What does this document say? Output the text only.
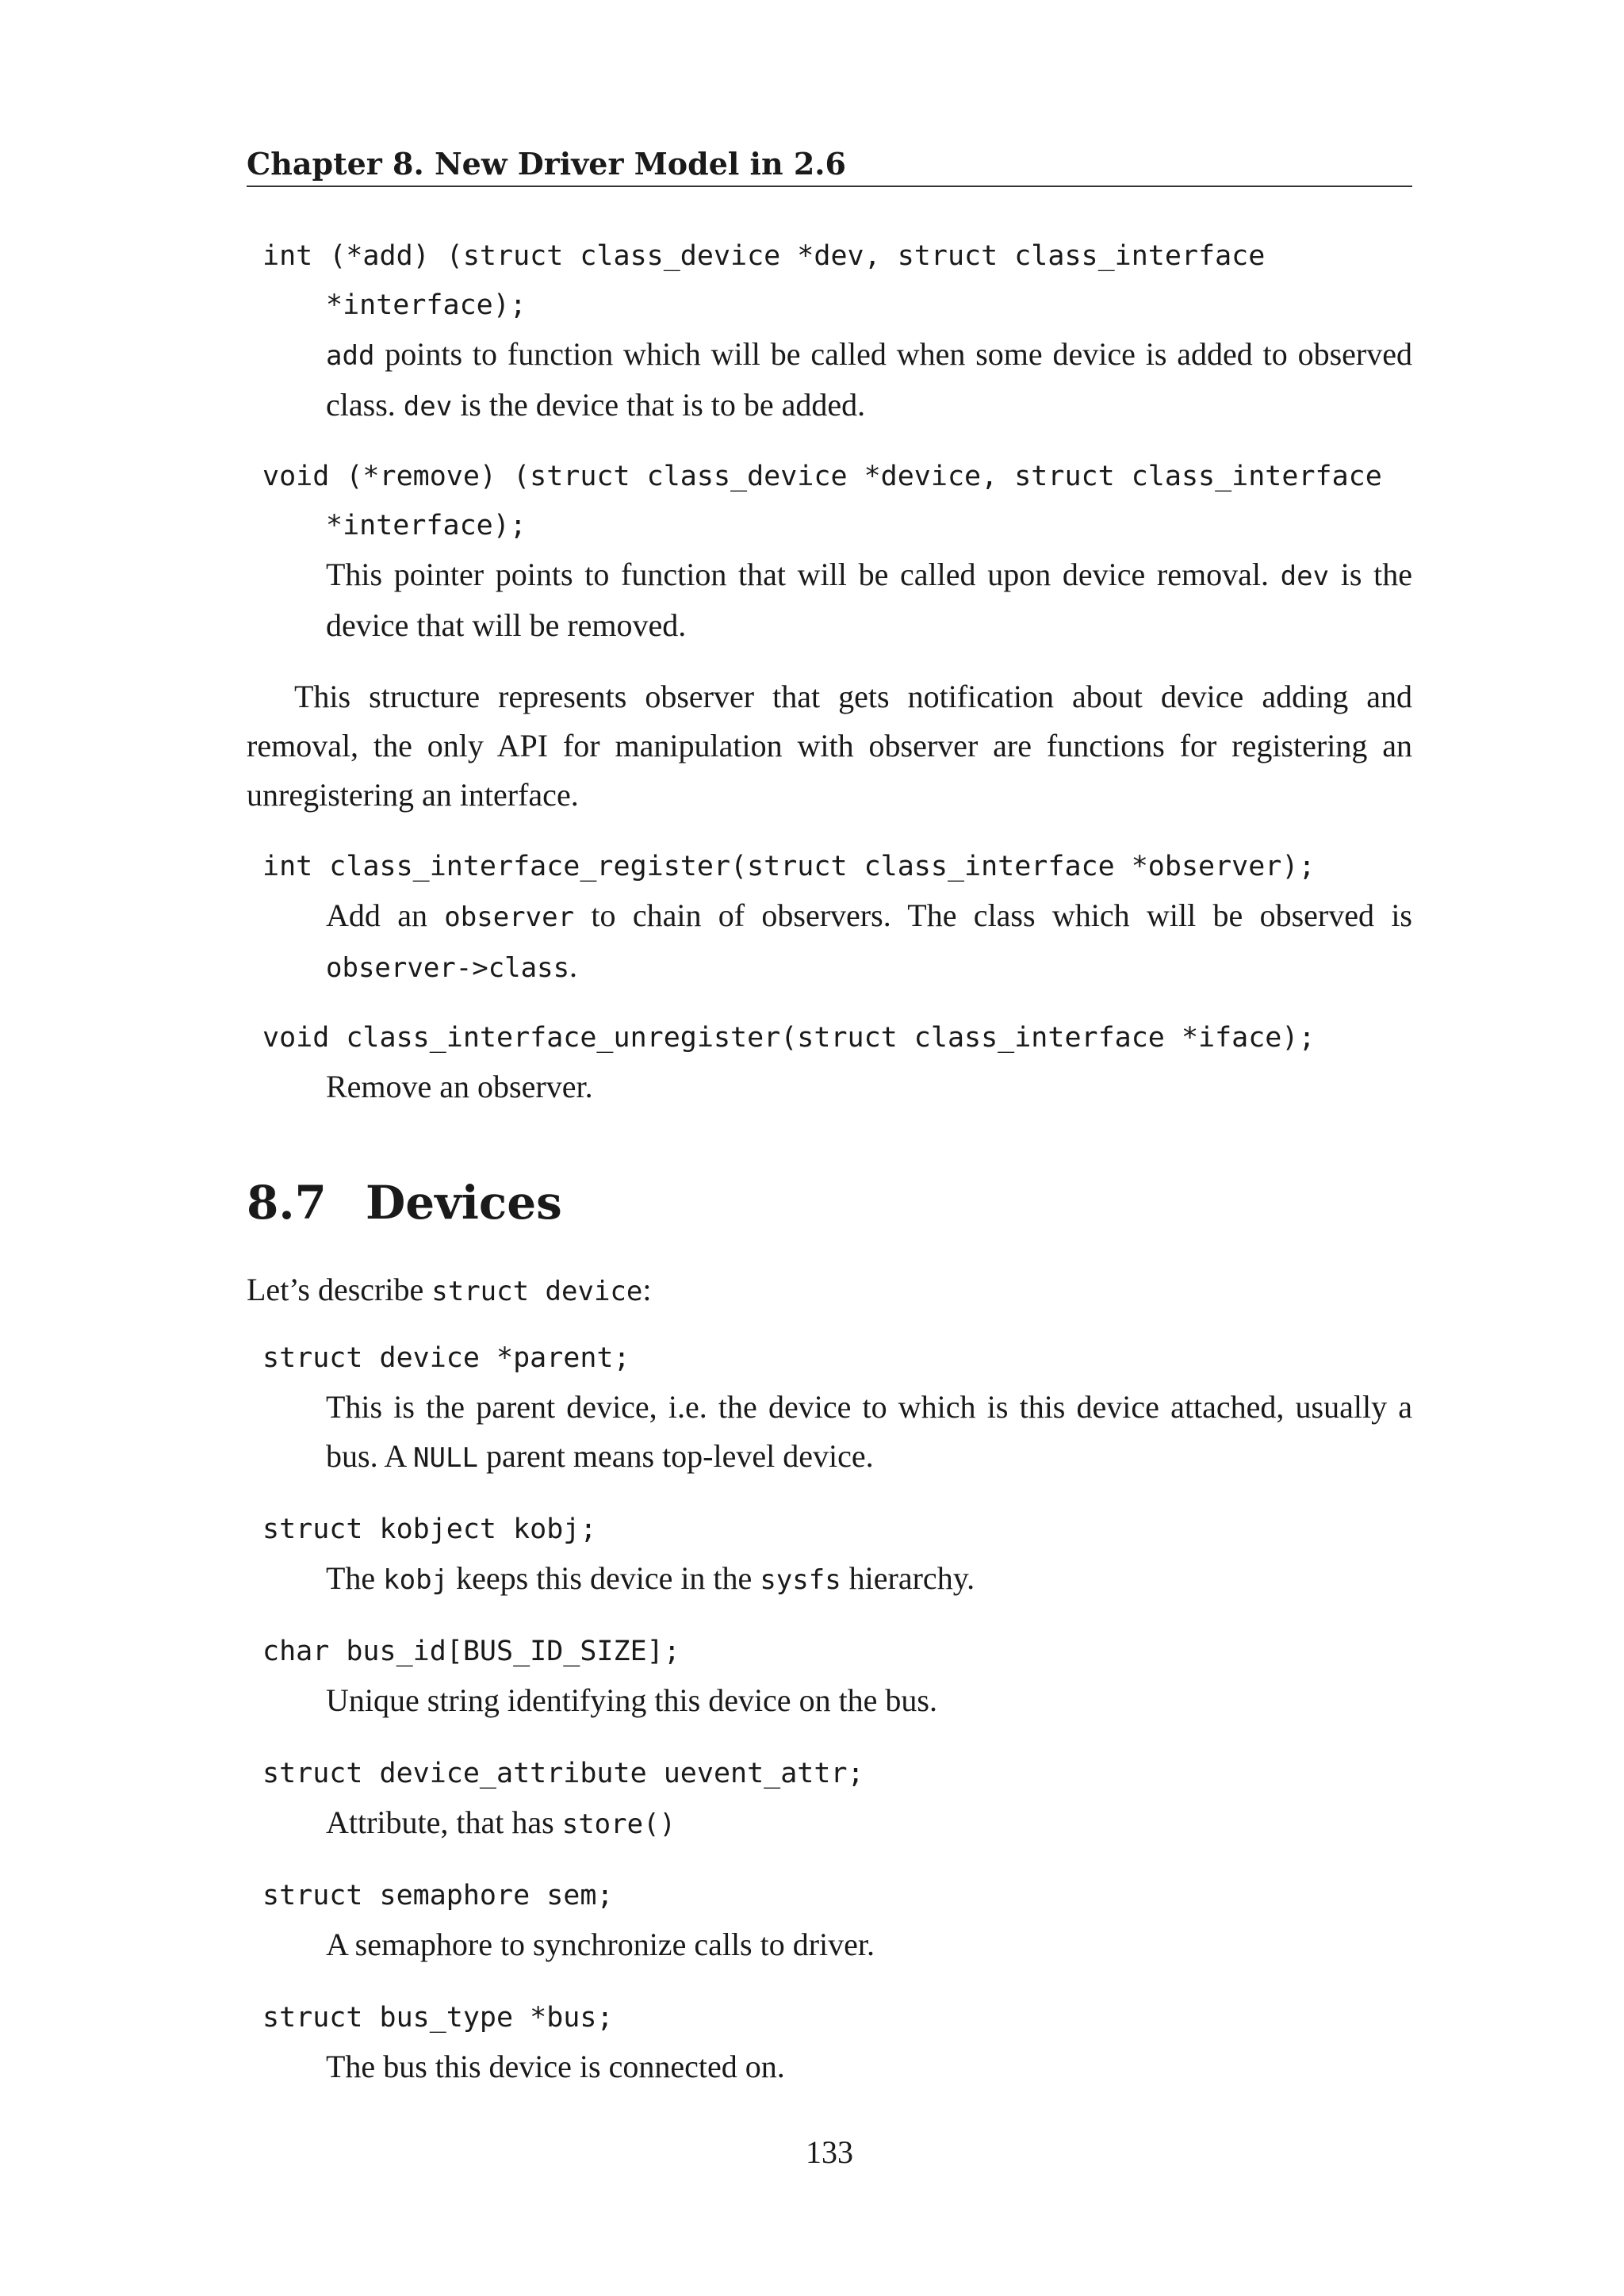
Chapter 8. New Driver Model in 2.6
int (*add) (struct class_device *dev, struct class_interface
*interface);
add points to function which will be called when some device is added to observed class. dev is the device that is to be added.
void (*remove) (struct class_device *device, struct class_interface
*interface);
This pointer points to function that will be called upon device removal. dev is the device that will be removed.
This structure represents observer that gets notification about device adding and removal, the only API for manipulation with observer are functions for registering an unregistering an interface.
int class_interface_register(struct class_interface *observer);
Add an observer to chain of observers. The class which will be observed is observer->class.
void class_interface_unregister(struct class_interface *iface);
Remove an observer.
8.7 Devices
Let’s describe struct device:
struct device *parent;
This is the parent device, i.e. the device to which is this device attached, usually a bus. A NULL parent means top-level device.
struct kobject kobj;
The kobj keeps this device in the sysfs hierarchy.
char bus_id[BUS_ID_SIZE];
Unique string identifying this device on the bus.
struct device_attribute uevent_attr;
Attribute, that has store()
struct semaphore sem;
A semaphore to synchronize calls to driver.
struct bus_type *bus;
The bus this device is connected on.
133
